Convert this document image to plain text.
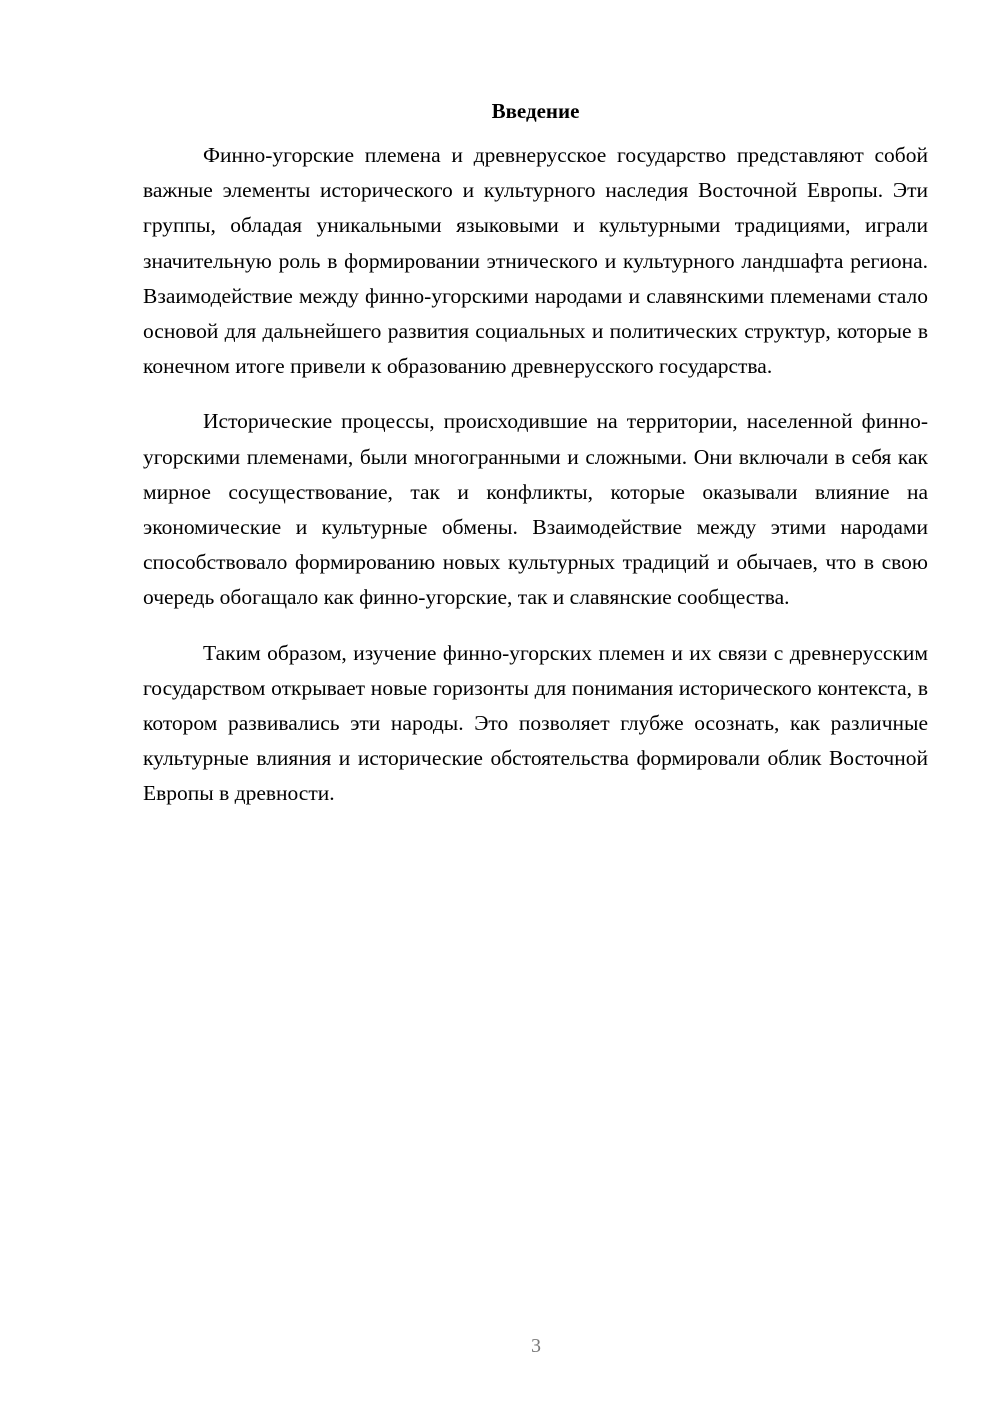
Введение

Финно-угорские племена и древнерусское государство представляют собой важные элементы исторического и культурного наследия Восточной Европы. Эти группы, обладая уникальными языковыми и культурными традициями, играли значительную роль в формировании этнического и культурного ландшафта региона. Взаимодействие между финно-угорскими народами и славянскими племенами стало основой для дальнейшего развития социальных и политических структур, которые в конечном итоге привели к образованию древнерусского государства.

Исторические процессы, происходившие на территории, населенной финно-угорскими племенами, были многогранными и сложными. Они включали в себя как мирное сосуществование, так и конфликты, которые оказывали влияние на экономические и культурные обмены. Взаимодействие между этими народами способствовало формированию новых культурных традиций и обычаев, что в свою очередь обогащало как финно-угорские, так и славянские сообщества.

Таким образом, изучение финно-угорских племен и их связи с древнерусским государством открывает новые горизонты для понимания исторического контекста, в котором развивались эти народы. Это позволяет глубже осознать, как различные культурные влияния и исторические обстоятельства формировали облик Восточной Европы в древности.

3
